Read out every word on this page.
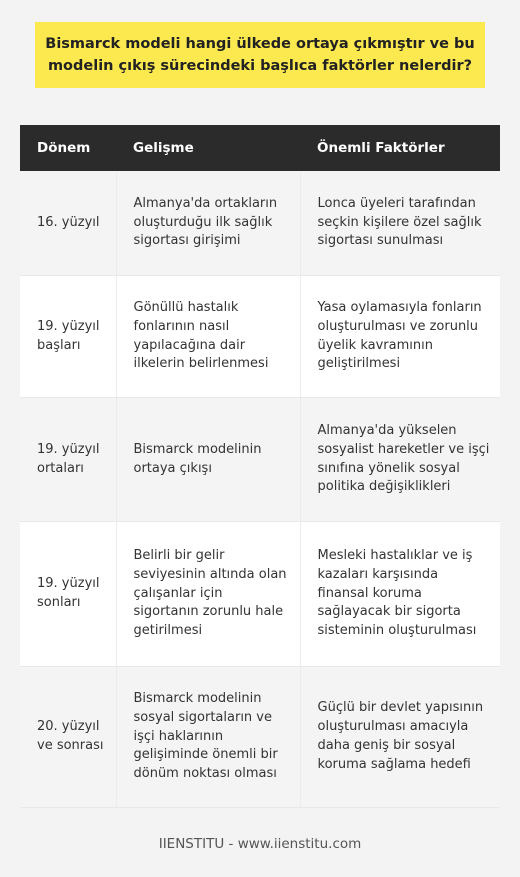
Bismarck modeli hangi ülkede ortaya çıkmıştır ve bu modelin çıkış sürecindeki başlıca faktörler nelerdir?
Dönem	Gelişme	Önemli Faktörler
16. yüzyıl	Almanya'da ortakların oluşturduğu ilk sağlık sigortası girişimi	Lonca üyeleri tarafından seçkin kişilere özel sağlık sigortası sunulması
19. yüzyıl başları	Gönüllü hastalık fonlarının nasıl yapılacağına dair ilkelerin belirlenmesi	Yasa oylamasıyla fonların oluşturulması ve zorunlu üyelik kavramının geliştirilmesi
19. yüzyıl ortaları	Bismarck modelinin ortaya çıkışı	Almanya'da yükselen sosyalist hareketler ve işçi sınıfına yönelik sosyal politika değişiklikleri
19. yüzyıl sonları	Belirli bir gelir seviyesinin altında olan çalışanlar için sigortanın zorunlu hale getirilmesi	Mesleki hastalıklar ve iş kazaları karşısında finansal koruma sağlayacak bir sigorta sisteminin oluşturulması
20. yüzyıl ve sonrası	Bismarck modelinin sosyal sigortaların ve işçi haklarının gelişiminde önemli bir dönüm noktası olması	Güçlü bir devlet yapısının oluşturulması amacıyla daha geniş bir sosyal koruma sağlama hedefi
IIENSTITU - www.iienstitu.com
